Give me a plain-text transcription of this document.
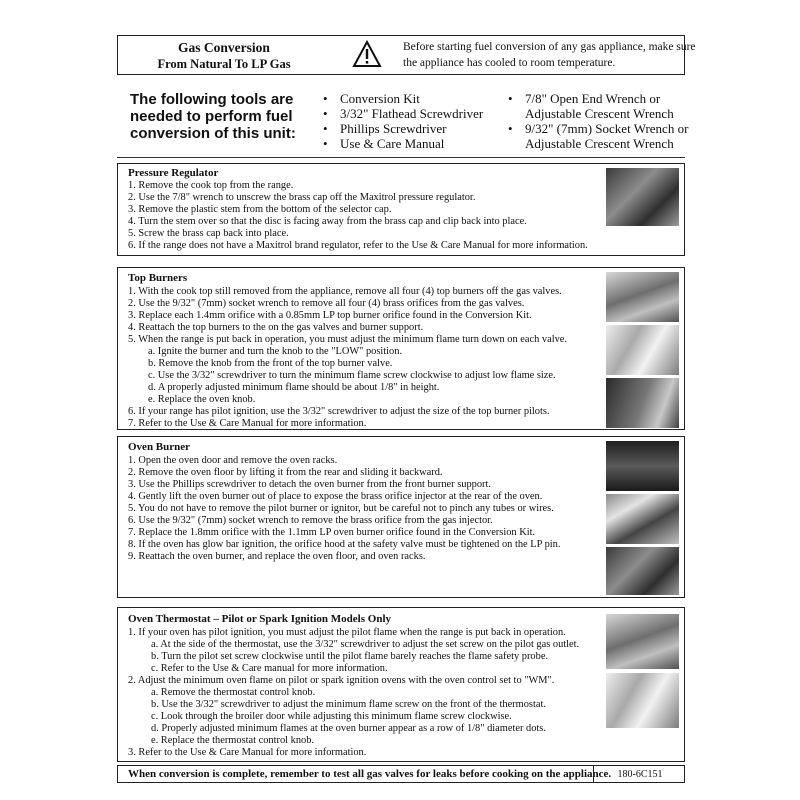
Gas Conversion
From Natural To LP Gas
Before starting fuel conversion of any gas appliance, make sure
the appliance has cooled to room temperature.
The following tools are
needed to perform fuel
conversion of this unit:
• Conversion Kit
• 3/32" Flathead Screwdriver
• Phillips Screwdriver
• Use & Care Manual
• 7/8" Open End Wrench or
Adjustable Crescent Wrench
• 9/32" (7mm) Socket Wrench or
Adjustable Crescent Wrench
Pressure Regulator
1. Remove the cook top from the range.
2. Use the 7/8" wrench to unscrew the brass cap off the Maxitrol pressure regulator.
3. Remove the plastic stem from the bottom of the selector cap.
4. Turn the stem over so that the disc is facing away from the brass cap and clip back into place.
5. Screw the brass cap back into place.
6. If the range does not have a Maxitrol brand regulator, refer to the Use & Care Manual for more information.
Top Burners
1. With the cook top still removed from the appliance, remove all four (4) top burners off the gas valves.
2. Use the 9/32" (7mm) socket wrench to remove all four (4) brass orifices from the gas valves.
3. Replace each 1.4mm orifice with a 0.85mm LP top burner orifice found in the Conversion Kit.
4. Reattach the top burners to the on the gas valves and burner support.
5. When the range is put back in operation, you must adjust the minimum flame turn down on each valve.
a. Ignite the burner and turn the knob to the "LOW" position.
b. Remove the knob from the front of the top burner valve.
c. Use the 3/32" screwdriver to turn the minimum flame screw clockwise to adjust low flame size.
d. A properly adjusted minimum flame should be about 1/8" in height.
e. Replace the oven knob.
6. If your range has pilot ignition, use the 3/32" screwdriver to adjust the size of the top burner pilots.
7. Refer to the Use & Care Manual for more information.
Oven Burner
1. Open the oven door and remove the oven racks.
2. Remove the oven floor by lifting it from the rear and sliding it backward.
3. Use the Phillips screwdriver to detach the oven burner from the front burner support.
4. Gently lift the oven burner out of place to expose the brass orifice injector at the rear of the oven.
5. You do not have to remove the pilot burner or ignitor, but be careful not to pinch any tubes or wires.
6. Use the 9/32" (7mm) socket wrench to remove the brass orifice from the gas injector.
7. Replace the 1.8mm orifice with the 1.1mm LP oven burner orifice found in the Conversion Kit.
8. If the oven has glow bar ignition, the orifice hood at the safety valve must be tightened on the LP pin.
9. Reattach the oven burner, and replace the oven floor, and oven racks.
Oven Thermostat – Pilot or Spark Ignition Models Only
1. If your oven has pilot ignition, you must adjust the pilot flame when the range is put back in operation.
a. At the side of the thermostat, use the 3/32" screwdriver to adjust the set screw on the pilot gas outlet.
b. Turn the pilot set screw clockwise until the pilot flame barely reaches the flame safety probe.
c. Refer to the Use & Care manual for more information.
2. Adjust the minimum oven flame on pilot or spark ignition ovens with the oven control set to "WM".
a. Remove the thermostat control knob.
b. Use the 3/32" screwdriver to adjust the minimum flame screw on the front of the thermostat.
c. Look through the broiler door while adjusting this minimum flame screw clockwise.
d. Properly adjusted minimum flames at the oven burner appear as a row of 1/8" diameter dots.
e. Replace the thermostat control knob.
3. Refer to the Use & Care Manual for more information.
When conversion is complete, remember to test all gas valves for leaks before cooking on the appliance. 180-6C151
